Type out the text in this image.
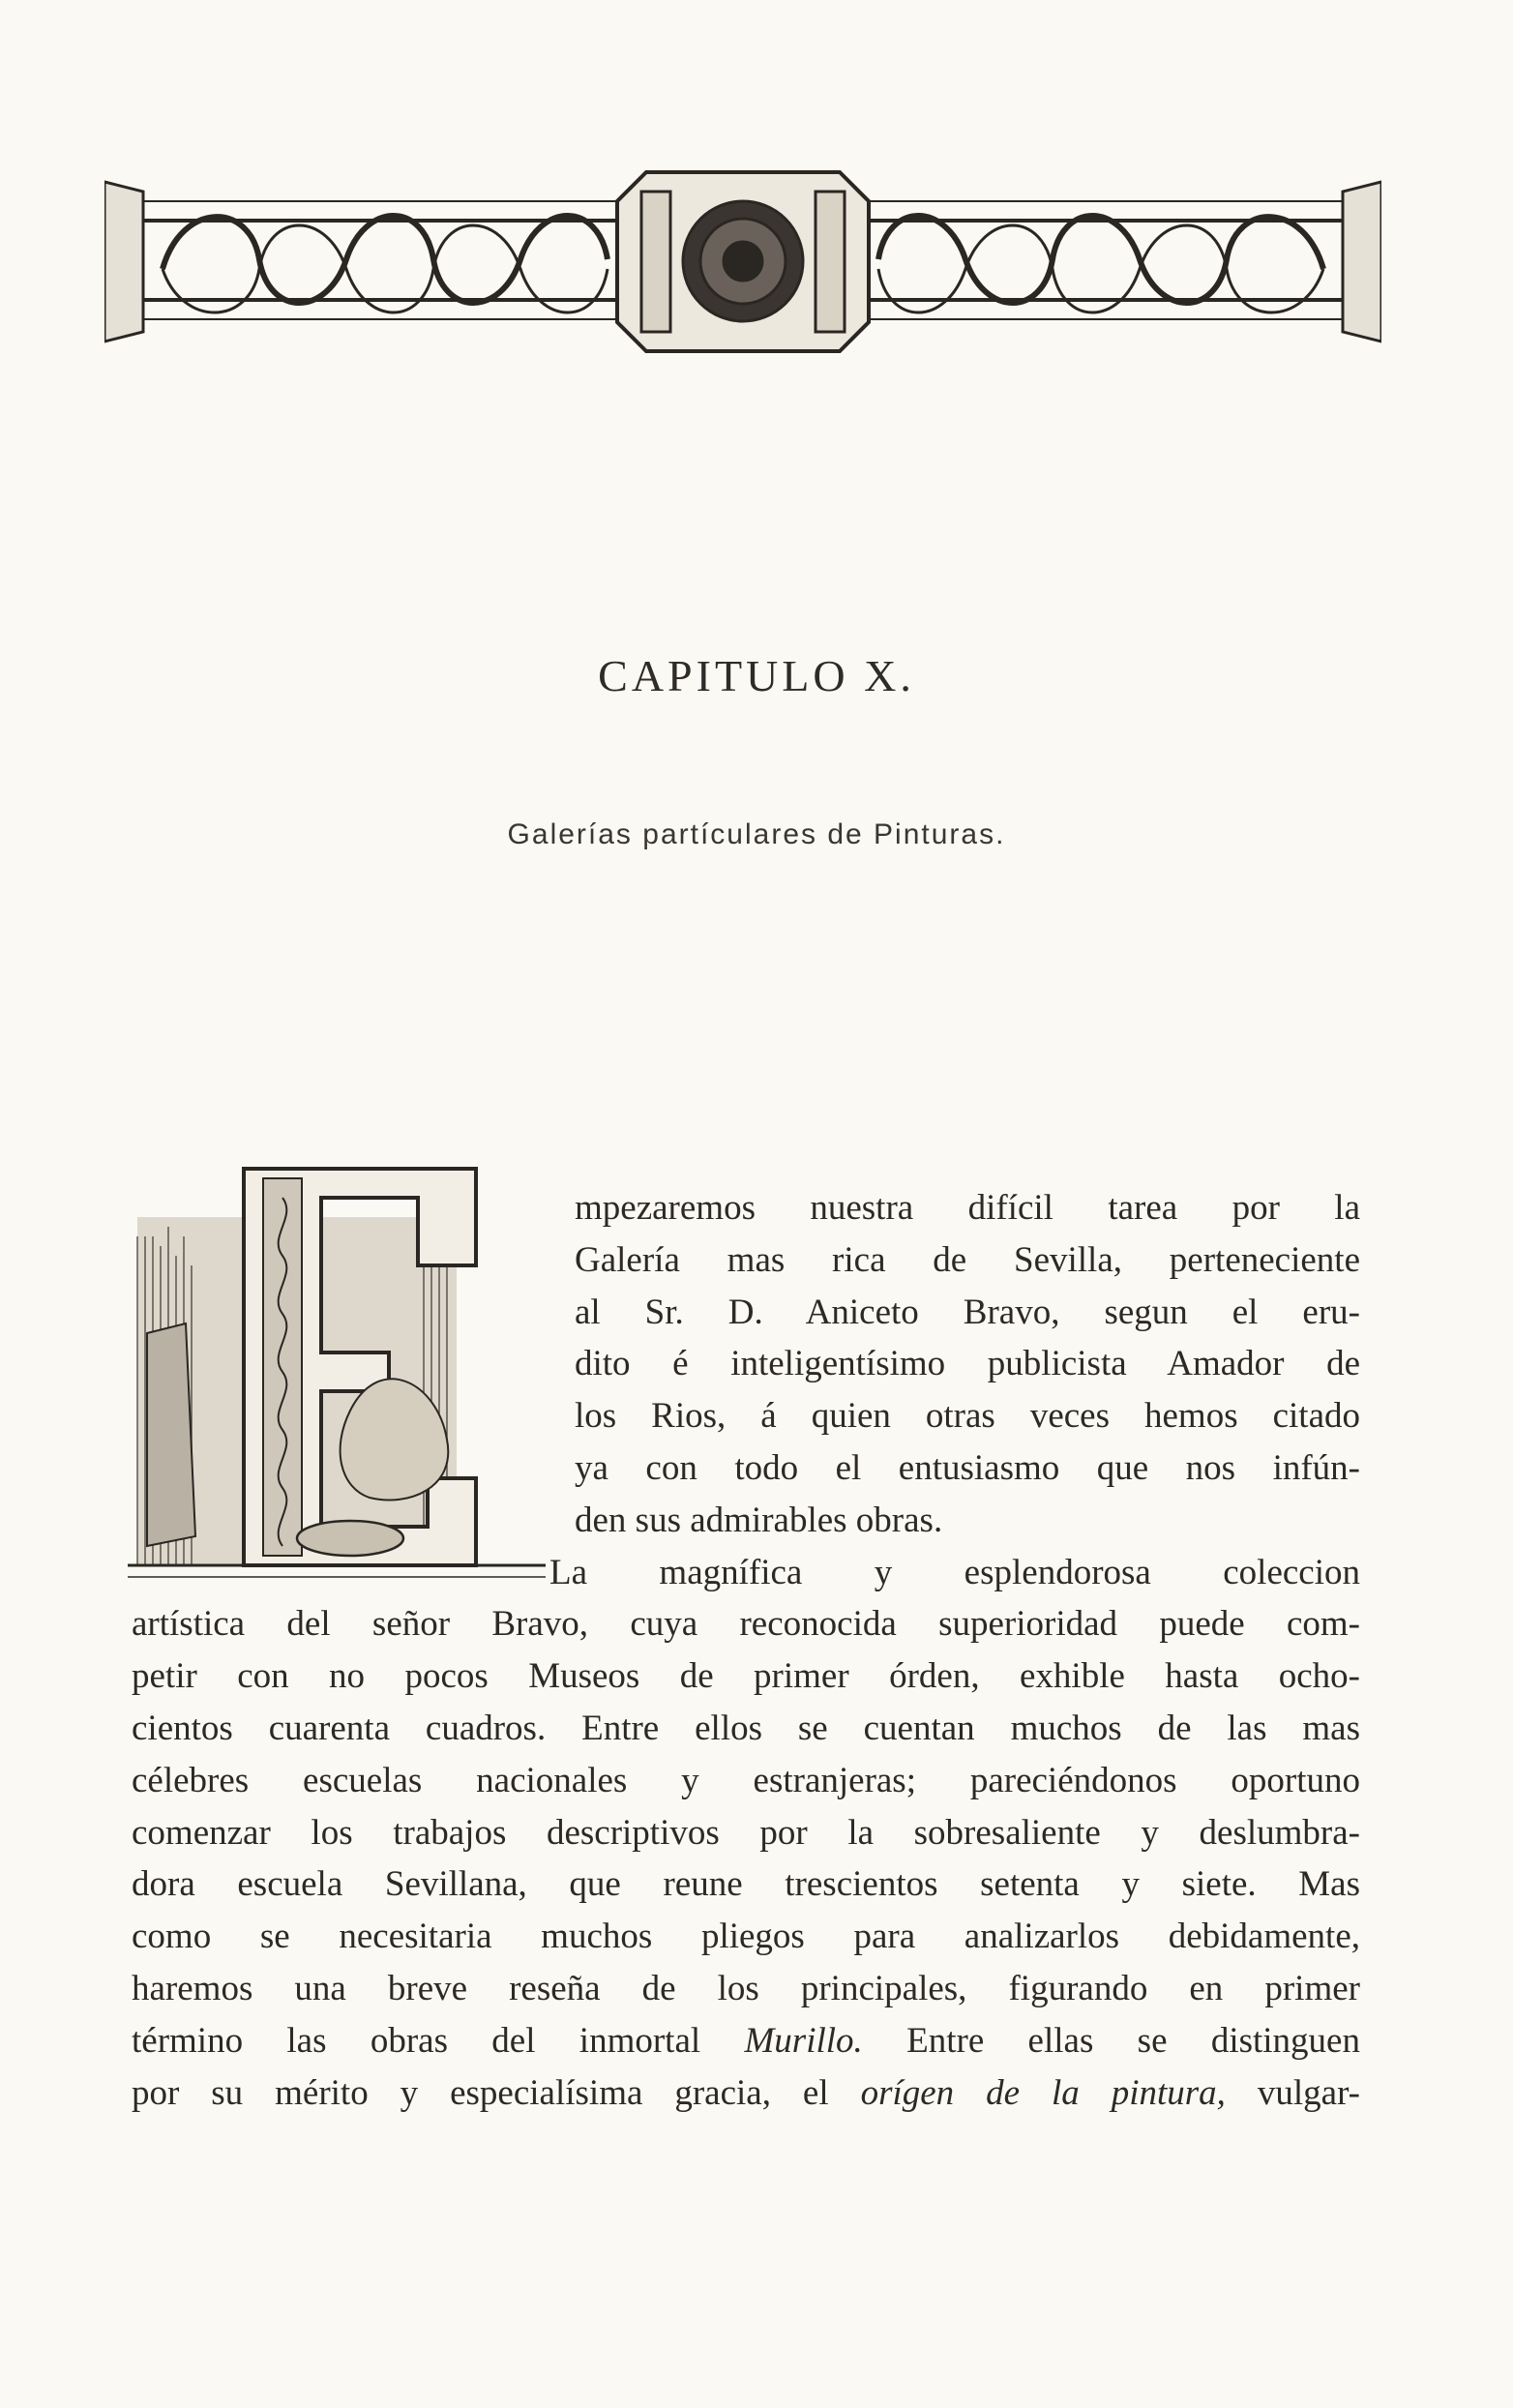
CAPITULO X.
Galerías partículares de Pinturas.
mpezaremos nuestra difícil tarea por la
Galería mas rica de Sevilla, perteneciente
al Sr. D. Aniceto Bravo, segun el eru-
dito é inteligentísimo publicista Amador de
los Rios, á quien otras veces hemos citado
ya con todo el entusiasmo que nos infún-
den sus admirables obras.
La magnífica y esplendorosa coleccion
artística del señor Bravo, cuya reconocida superioridad puede com-
petir con no pocos Museos de primer órden, exhible hasta ocho-
cientos cuarenta cuadros. Entre ellos se cuentan muchos de las mas
célebres escuelas nacionales y estranjeras; pareciéndonos oportuno
comenzar los trabajos descriptivos por la sobresaliente y deslumbra-
dora escuela Sevillana, que reune trescientos setenta y siete. Mas
como se necesitaria muchos pliegos para analizarlos debidamente,
haremos una breve reseña de los principales, figurando en primer
término las obras del inmortal Murillo. Entre ellas se distinguen
por su mérito y especialísima gracia, el orígen de la pintura, vulgar-
